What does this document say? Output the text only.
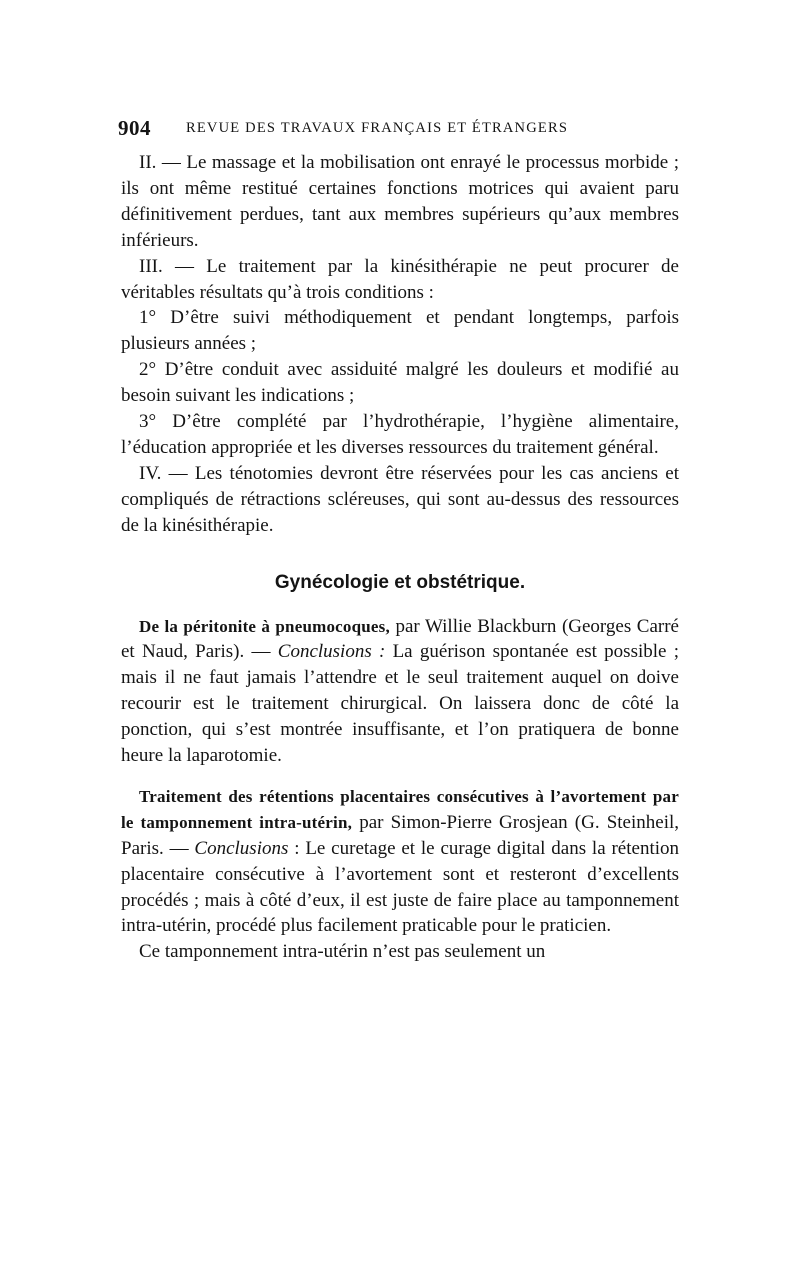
904 REVUE DES TRAVAUX FRANÇAIS ET ÉTRANGERS

II. — Le massage et la mobilisation ont enrayé le processus morbide ; ils ont même restitué certaines fonctions motrices qui avaient paru définitivement perdues, tant aux membres supérieurs qu’aux membres inférieurs.

III. — Le traitement par la kinésithérapie ne peut procurer de véritables résultats qu’à trois conditions :

1° D’être suivi méthodiquement et pendant longtemps, parfois plusieurs années ;

2° D’être conduit avec assiduité malgré les douleurs et modifié au besoin suivant les indications ;

3° D’être complété par l’hydrothérapie, l’hygiène alimentaire, l’éducation appropriée et les diverses ressources du traitement général.

IV. — Les ténotomies devront être réservées pour les cas anciens et compliqués de rétractions scléreuses, qui sont au-dessus des ressources de la kinésithérapie.

Gynécologie et obstétrique.

De la péritonite à pneumocoques, par Willie Blackburn (Georges Carré et Naud, Paris). — Conclusions : La guérison spontanée est possible ; mais il ne faut jamais l’attendre et le seul traitement auquel on doive recourir est le traitement chirurgical. On laissera donc de côté la ponction, qui s’est montrée insuffisante, et l’on pratiquera de bonne heure la laparotomie.

Traitement des rétentions placentaires consécutives à l’avortement par le tamponnement intra-utérin, par Simon-Pierre Grosjean (G. Steinheil, Paris. — Conclusions : Le curetage et le curage digital dans la rétention placentaire consécutive à l’avortement sont et resteront d’excellents procédés ; mais à côté d’eux, il est juste de faire place au tamponnement intra-utérin, procédé plus facilement praticable pour le praticien.

Ce tamponnement intra-utérin n’est pas seulement un
